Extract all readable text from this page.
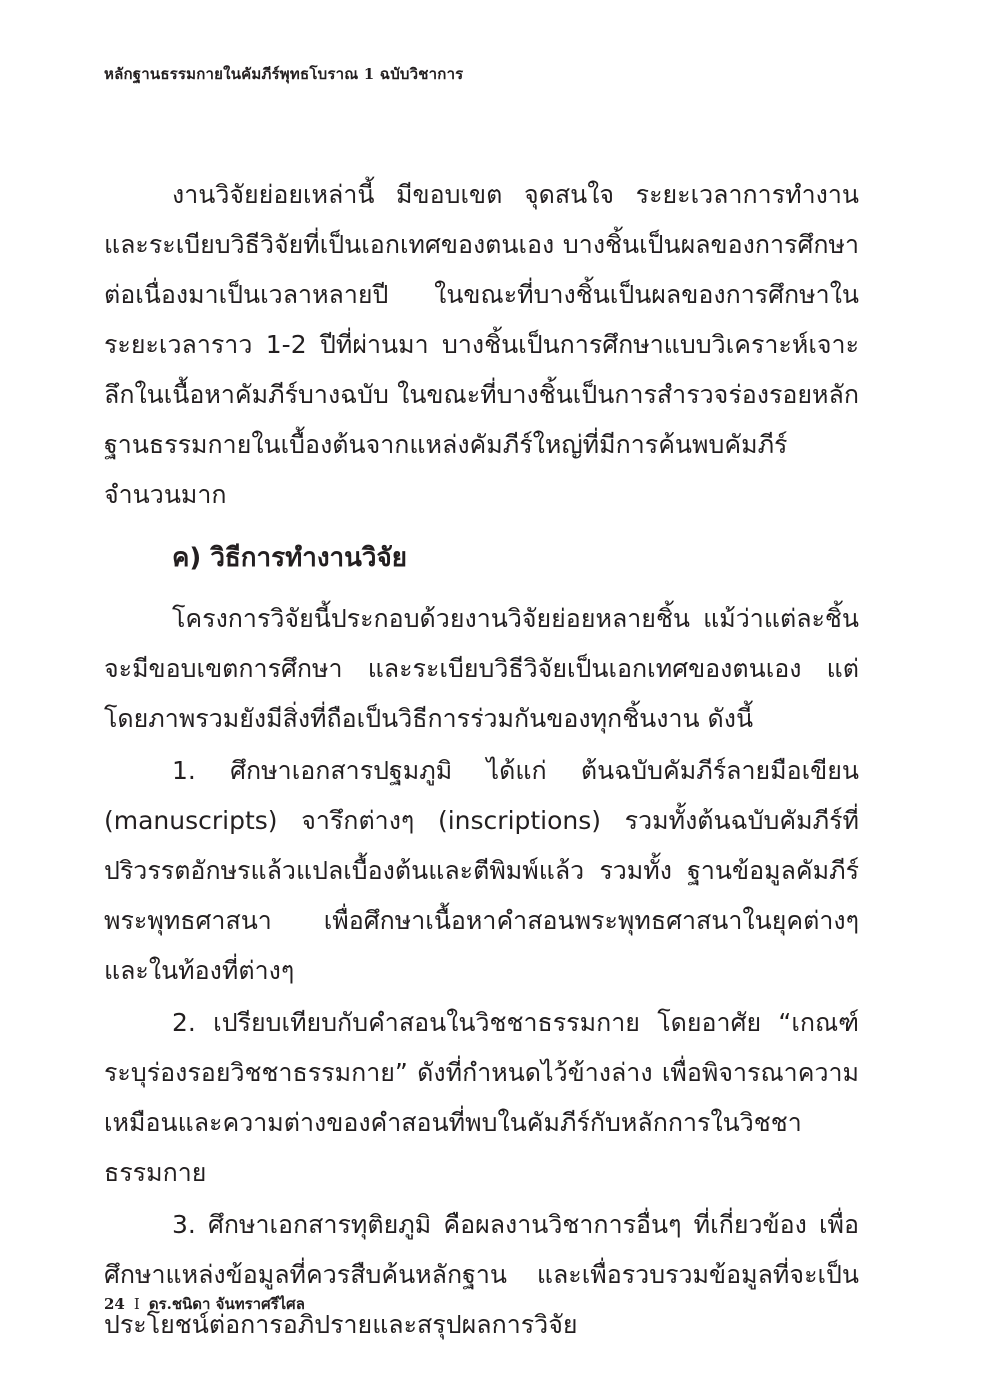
หลักฐานธรรมกายในคัมภีร์พุทธโบราณ 1 ฉบับวิชาการ

งานวิจัยย่อยเหล่านี้ มีขอบเขต จุดสนใจ ระยะเวลาการทำงาน และระเบียบวิธีวิจัยที่เป็นเอกเทศของตนเอง บางชิ้นเป็นผลของการศึกษาต่อเนื่องมาเป็นเวลาหลายปี ในขณะที่บางชิ้นเป็นผลของการศึกษาในระยะเวลาราว 1-2 ปีที่ผ่านมา บางชิ้นเป็นการศึกษาแบบวิเคราะห์เจาะลึกในเนื้อหาคัมภีร์บางฉบับ ในขณะที่บางชิ้นเป็นการสำรวจร่องรอยหลักฐานธรรมกายในเบื้องต้นจากแหล่งคัมภีร์ใหญ่ที่มีการค้นพบคัมภีร์จำนวนมาก

ค) วิธีการทำงานวิจัย

โครงการวิจัยนี้ประกอบด้วยงานวิจัยย่อยหลายชิ้น แม้ว่าแต่ละชิ้นจะมีขอบเขตการศึกษา และระเบียบวิธีวิจัยเป็นเอกเทศของตนเอง แต่โดยภาพรวมยังมีสิ่งที่ถือเป็นวิธีการร่วมกันของทุกชิ้นงาน ดังนี้

1. ศึกษาเอกสารปฐมภูมิ ได้แก่ ต้นฉบับคัมภีร์ลายมือเขียน (manuscripts) จารึกต่างๆ (inscriptions) รวมทั้งต้นฉบับคัมภีร์ที่ปริวรรตอักษรแล้วแปลเบื้องต้นและตีพิมพ์แล้ว รวมทั้ง ฐานข้อมูลคัมภีร์พระพุทธศาสนา เพื่อศึกษาเนื้อหาคำสอนพระพุทธศาสนาในยุคต่างๆ และในท้องที่ต่างๆ

2. เปรียบเทียบกับคำสอนในวิชชาธรรมกาย โดยอาศัย “เกณฑ์ระบุร่องรอยวิชชาธรรมกาย” ดังที่กำหนดไว้ข้างล่าง เพื่อพิจารณาความเหมือนและความต่างของคำสอนที่พบในคัมภีร์กับหลักการในวิชชาธรรมกาย

3. ศึกษาเอกสารทุติยภูมิ คือผลงานวิชาการอื่นๆ ที่เกี่ยวข้อง เพื่อศึกษาแหล่งข้อมูลที่ควรสืบค้นหลักฐาน และเพื่อรวบรวมข้อมูลที่จะเป็นประโยชน์ต่อการอภิปรายและสรุปผลการวิจัย

24 I ดร.ชนิดา จันทราศรีไศล
